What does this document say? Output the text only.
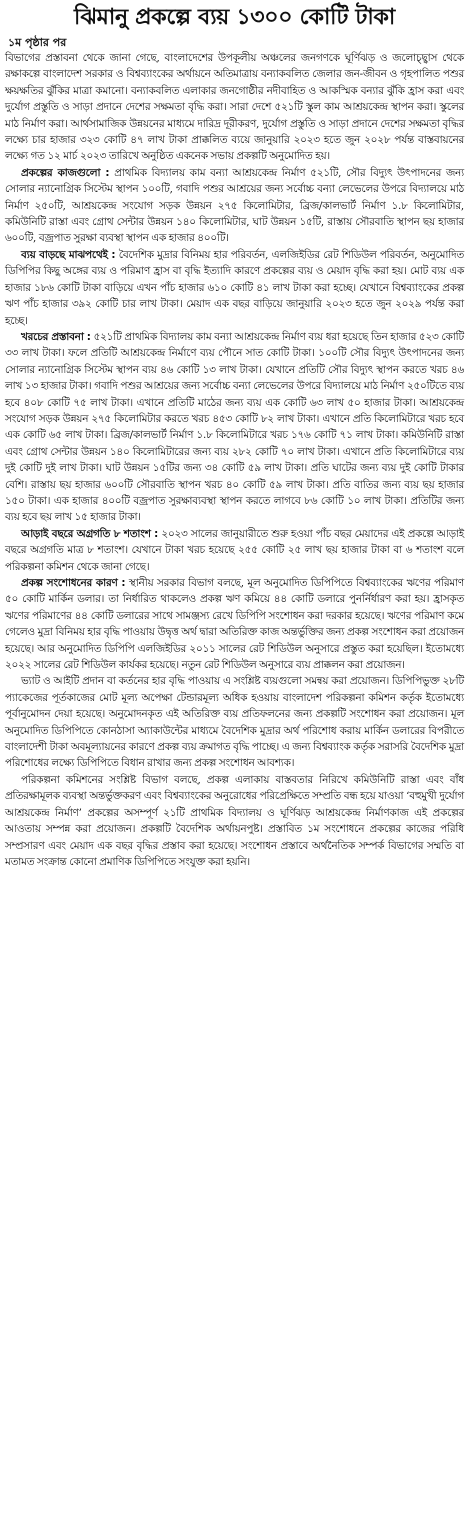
ঝিমানু প্রকল্পে ব্যয় ১৩০০ কোটি টাকা
১ম পৃষ্ঠার পর

বিভাগের প্রস্তাবনা থেকে জানা গেছে, বাংলাদেশের উপকূলীয় অঞ্চলের জনগণকে ঘূর্ণিঝড় ও জলোচ্ছ্বাস থেকে রক্ষাকল্পে বাংলাদেশ সরকার ও বিশ্বব্যাংকের অর্থায়নে অতিমাত্রায় বন্যাকবলিত জেলার জন-জীবন ও গৃহপালিত পশুর ক্ষয়ক্ষতির ঝুঁকির মাত্রা কমানো। বন্যাকবলিত এলাকার জনগোষ্ঠীর নদীবাহিত ও আকস্মিক বন্যার ঝুঁকি হ্রাস করা এবং দুর্যোগ প্রস্তুতি ও সাড়া প্রদানে দেশের সক্ষমতা বৃদ্ধি করা। সারা দেশে ৫২১টি স্কুল কাম আশ্রয়কেন্দ্র স্থাপন করা। স্কুলের মাঠ নির্মাণ করা। আর্থসামাজিক উন্নয়নের মাধ্যমে দারিদ্র দূরীকরণ, দুর্যোগ প্রস্তুতি ও সাড়া প্রদানে দেশের সক্ষমতা বৃদ্ধির লক্ষ্যে চার হাজার ৩২৩ কোটি ৪৭ লাখ টাকা প্রাক্কলিত ব্যয়ে জানুয়ারি ২০২৩ হতে জুন ২০২৮ পর্যন্ত বাস্তবায়নের লক্ষ্যে গত ১২ মার্চ ২০২৩ তারিখে অনুষ্ঠিত একনেক সভায় প্রকল্পটি অনুমোদিত হয়।

প্রকল্পের কাজগুলো : প্রাথমিক বিদ্যালয় কাম বন্যা আশ্রয়কেন্দ্র নির্মাণ ৫২১টি, সৌর বিদ্যুৎ উৎপাদনের জন্য সোলার ন্যানোগ্রিক সিস্টেম স্থাপন ১০০টি, গবাদি পশুর আশ্রয়ের জন্য সর্বোচ্চ বন্যা লেভেলের উপরে বিদ্যালয়ে মাঠ নির্মাণ ২৫০টি, আশ্রয়কেন্দ্র সংযোগ সড়ক উন্নয়ন ২৭৫ কিলোমিটার, ব্রিজ/কালভার্ট নির্মাণ ১.৮ কিলোমিটার, কমিউনিটি রাস্তা এবং গ্রোথ সেন্টার উন্নয়ন ১৪০ কিলোমিটার, ঘাট উন্নয়ন ১৫টি, রাস্তায় সৌরবাতি স্থাপন ছয় হাজার ৬০০টি, বজ্রপাত সুরক্ষা ব্যবস্থা স্থাপন এক হাজার ৪০০টি।

ব্যয় বাড়ছে মাঝপথেই : বৈদেশিক মুদ্রার বিনিময় হার পরিবর্তন, এলজিইডির রেট শিডিউল পরিবর্তন, অনুমোদিত ডিপিপির কিছু অঙ্গের ব্যয় ও পরিমাণ হ্রাস বা বৃদ্ধি ইত্যাদি কারণে প্রকল্পের ব্যয় ও মেয়াদ বৃদ্ধি করা হয়। মোট ব্যয় এক হাজার ১৮৬ কোটি টাকা বাড়িয়ে এখন পাঁচ হাজার ৬১০ কোটি ৪১ লাখ টাকা করা হচ্ছে। যেখানে বিশ্বব্যাংকের প্রকল্প ঋণ পাঁচ হাজার ৩৯২ কোটি চার লাখ টাকা। মেয়াদ এক বছর বাড়িয়ে জানুয়ারি ২০২৩ হতে জুন ২০২৯ পর্যন্ত করা হচ্ছে।

খরচের প্রস্তাবনা : ৫২১টি প্রাথমিক বিদ্যালয় কাম বন্যা আশ্রয়কেন্দ্র নির্মাণ ব্যয় ধরা হয়েছে তিন হাজার ৫২৩ কোটি ৩৩ লাখ টাকা। ফলে প্রতিটি আশ্রয়কেন্দ্র নির্মাণে ব্যয় পৌনে সাত কোটি টাকা। ১০০টি সৌর বিদ্যুৎ উৎপাদনের জন্য সোলার ন্যানোগ্রিক সিস্টেম স্থাপন ব্যয় ৪৬ কোটি ১৩ লাখ টাকা। যেখানে প্রতিটি সৌর বিদ্যুৎ স্থাপন করতে খরচ ৪৬ লাখ ১৩ হাজার টাকা। গবাদি পশুর আশ্রয়ের জন্য সর্বোচ্চ বন্যা লেভেলের উপরে বিদ্যালয়ে মাঠ নির্মাণ ২৫০টিতে ব্যয় হবে ৪০৮ কোটি ৭৫ লাখ টাকা। এখানে প্রতিটি মাঠের জন্য ব্যয় এক কোটি ৬৩ লাখ ৫০ হাজার টাকা। আশ্রয়কেন্দ্র সংযোগ সড়ক উন্নয়ন ২৭৫ কিলোমিটার করতে খরচ ৪৫৩ কোটি ৮২ লাখ টাকা। এখানে প্রতি কিলোমিটারে খরচ হবে এক কোটি ৬৫ লাখ টাকা। ব্রিজ/কালভার্ট নির্মাণ ১.৮ কিলোমিটারে খরচ ১৭৬ কোটি ৭১ লাখ টাকা। কমিউনিটি রাস্তা এবং গ্রোথ সেন্টার উন্নয়ন ১৪০ কিলোমিটারের জন্য ব্যয় ২৮২ কোটি ৭০ লাখ টাকা। এখানে প্রতি কিলোমিটারে ব্যয় দুই কোটি দুই লাখ টাকা। ঘাট উন্নয়ন ১৫টির জন্য ৩৪ কোটি ৫৯ লাখ টাকা। প্রতি ঘাটের জন্য ব্যয় দুই কোটি টাকার বেশি। রাস্তায় ছয় হাজার ৬০০টি সৌরবাতি স্থাপন খরচ ৪০ কোটি ৫৯ লাখ টাকা। প্রতি বাতির জন্য ব্যয় ছয় হাজার ১৫০ টাকা। এক হাজার ৪০০টি বজ্রপাত সুরক্ষাব্যবস্থা স্থাপন করতে লাগবে ৮৬ কোটি ১০ লাখ টাকা। প্রতিটির জন্য ব্যয় হবে ছয় লাখ ১৫ হাজার টাকা।

আড়াই বছরে অগ্রগতি ৮ শতাংশ : ২০২৩ সালের জানুয়ারীতে শুরু হওয়া পাঁচ বছর মেয়াদের এই প্রকল্পে আড়াই বছরে অগ্রগতি মাত্র ৮ শতাংশ। যেখানে টাকা খরচ হয়েছে ২৫৫ কোটি ২৫ লাখ ছয় হাজার টাকা বা ৬ শতাংশ বলে পরিকল্পনা কমিশন থেকে জানা গেছে।

প্রকল্প সংশোধনের কারণ : স্থানীয় সরকার বিভাগ বলছে, মূল অনুমোদিত ডিপিপিতে বিশ্বব্যাংকের ঋণের পরিমাণ ৫০ কোটি মার্কিন ডলার। তা নির্ধারিত থাকলেও প্রকল্প ঋণ কমিয়ে ৪৪ কোটি ডলারে পুনর্নির্ধারণ করা হয়। হ্রাসকৃত ঋণের পরিমাণের ৪৪ কোটি ডলারের সাথে সামঞ্জস্য রেখে ডিপিপি সংশোধন করা দরকার হয়েছে। ঋণের পরিমাণ কমে গেলেও মুদ্রা বিনিময় হার বৃদ্ধি পাওয়ায় উদ্বৃত্ত অর্থ দ্বারা অতিরিক্ত কাজ অন্তর্ভুক্তির জন্য প্রকল্প সংশোধন করা প্রয়োজন হয়েছে। আর অনুমোদিত ডিপিপি এলজিইডির ২০১১ সালের রেট শিডিউল অনুসারে প্রস্তুত করা হয়েছিল। ইতোমধ্যে ২০২২ সালের রেট শিডিউল কার্যকর হয়েছে। নতুন রেট শিডিউল অনুসারে ব্যয় প্রাক্কলন করা প্রয়োজন।

ভ্যাট ও আইটি প্রদান বা কর্তনের হার বৃদ্ধি পাওয়ায় এ সংশ্লিষ্ট ব্যয়গুলো সমন্বয় করা প্রয়োজন। ডিপিপিভুক্ত ২৮টি প্যাকেজের পূর্তকাজের মোট মূল্য অপেক্ষা টেন্ডারমূল্য অধিক হওয়ায় বাংলাদেশ পরিকল্পনা কমিশন কর্তৃক ইতোমধ্যে পূর্বানুমোদন দেয়া হয়েছে। অনুমোদনকৃত এই অতিরিক্ত ব্যয় প্রতিফলনের জন্য প্রকল্পটি সংশোধন করা প্রয়োজন। মূল অনুমোদিত ডিপিপিতে কোনঠাসা অ্যাকাউন্টের মাধ্যমে বৈদেশিক মুদ্রার অর্থ পরিশোধ করায় মার্কিন ডলারের বিপরীতে বাংলাদেশী টাকা অবমূল্যায়নের কারণে প্রকল্প ব্যয় ক্রমাগত বৃদ্ধি পাচ্ছে। এ জন্য বিশ্বব্যাংক কর্তৃক সরাসরি বৈদেশিক মুদ্রা পরিশোধের লক্ষ্যে ডিপিপিতে বিধান রাখার জন্য প্রকল্প সংশোধন আবশ্যক।

পরিকল্পনা কমিশনের সংশ্লিষ্ট বিভাগ বলছে, প্রকল্প এলাকায় বাস্তবতার নিরিখে কমিউনিটি রাস্তা এবং বাঁধ প্রতিরক্ষামূলক ব্যবস্থা অন্তর্ভুক্তকরণ এবং বিশ্বব্যাংকের অনুরোধের পরিপ্রেক্ষিতে সম্প্রতি বন্ধ হয়ে যাওয়া ‘বহুমুখী দুর্যোগ আশ্রয়কেন্দ্র নির্মাণ’ প্রকল্পের অসম্পূর্ণ ২১টি প্রাথমিক বিদ্যালয় ও ঘূর্ণিঝড় আশ্রয়কেন্দ্র নির্মাণকাজ এই প্রকল্পের আওতায় সম্পন্ন করা প্রয়োজন। প্রকল্পটি বৈদেশিক অর্থায়নপুষ্ট। প্রস্তাবিত ১ম সংশোধনে প্রকল্পের কাজের পরিধি সম্প্রসারণ এবং মেয়াদ এক বছর বৃদ্ধির প্রস্তাব করা হয়েছে। সংশোধন প্রস্তাবে অর্থনৈতিক সম্পর্ক বিভাগের সম্মতি বা মতামত সংক্রান্ত কোনো প্রমাণিক ডিপিপিতে সংযুক্ত করা হয়নি।
